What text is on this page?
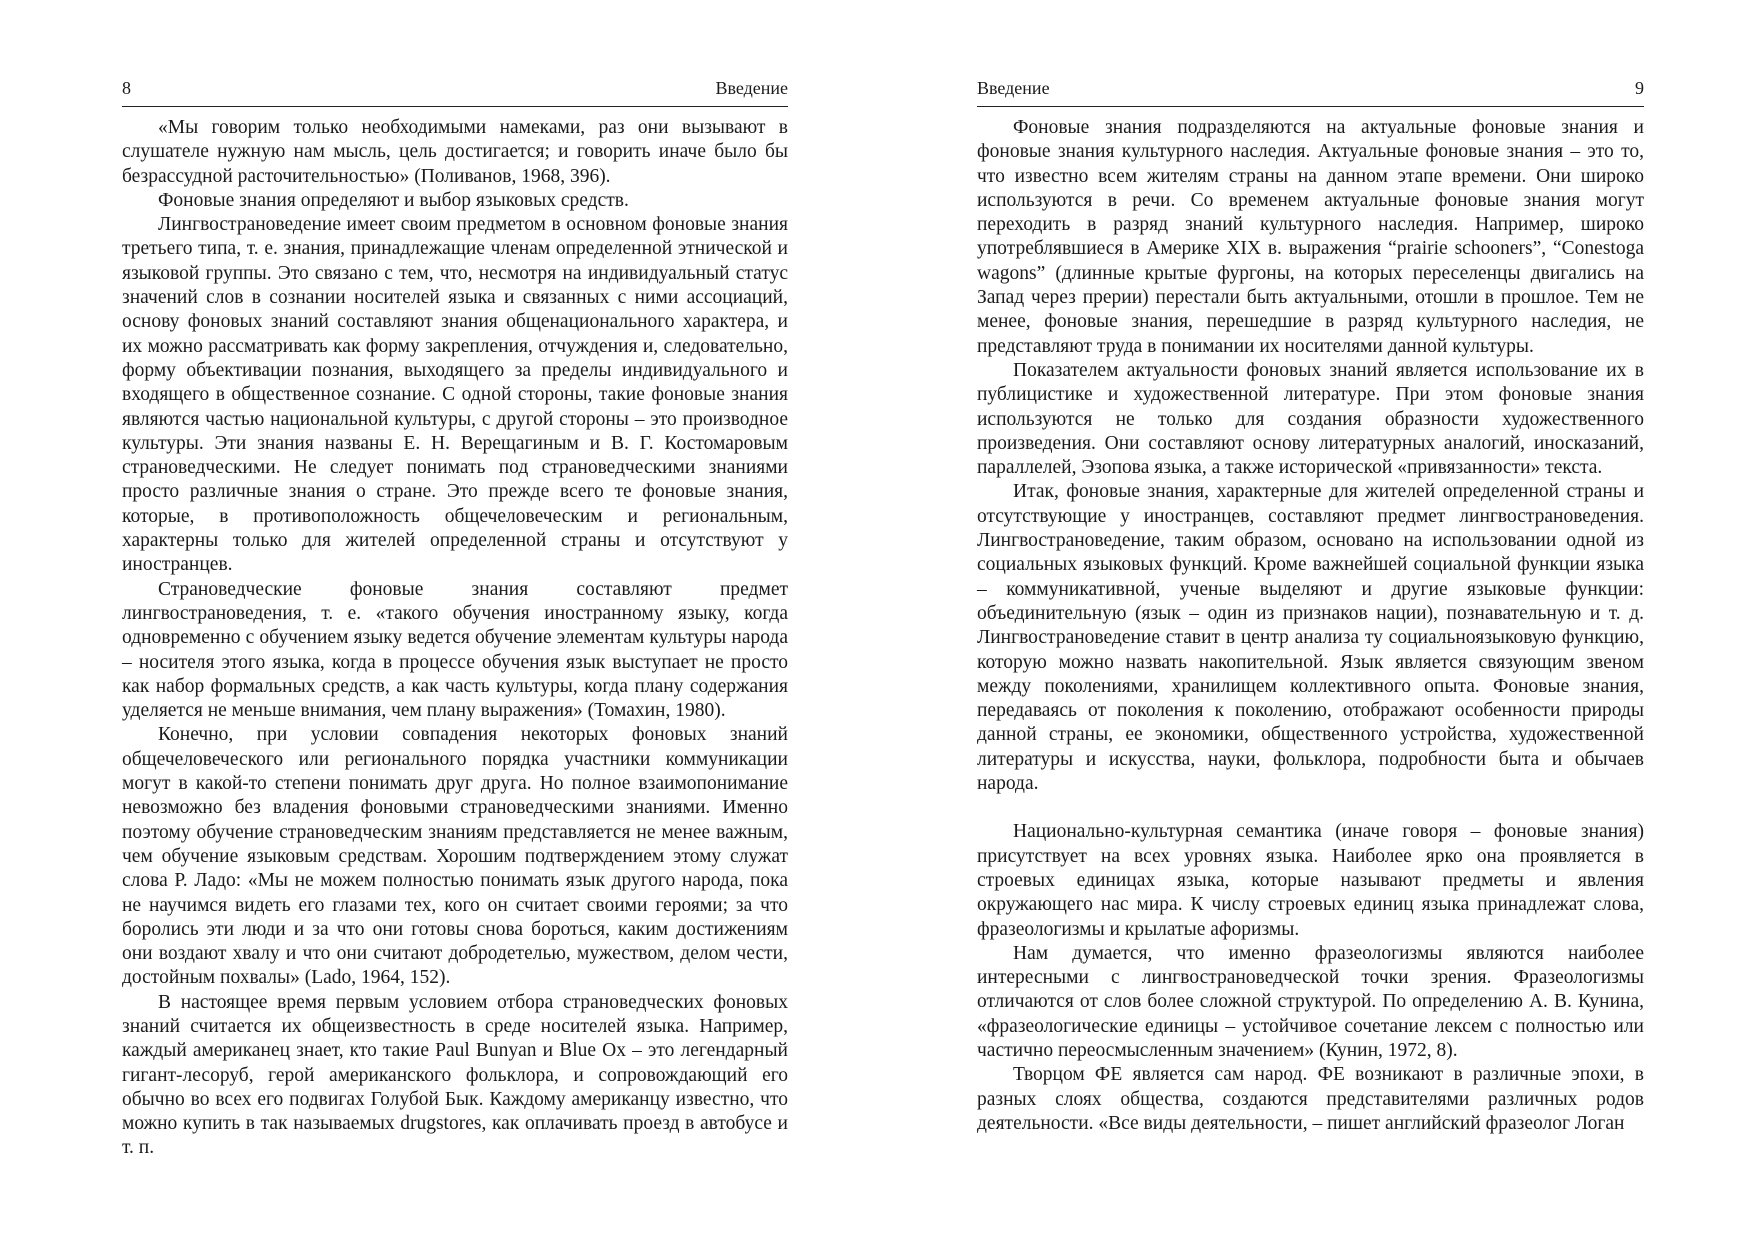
8	Введение

«Мы говорим только необходимыми намеками, раз они вызывают в слушателе нужную нам мысль, цель достигается; и говорить иначе было бы безрассудной расточительностью» (Поливанов, 1968, 396).

Фоновые знания определяют и выбор языковых средств.

Лингвострановедение имеет своим предметом в основном фоновые знания третьего типа, т. е. знания, принадлежащие членам определенной этнической и языковой группы. Это связано с тем, что, несмотря на индивидуальный статус значений слов в сознании носителей языка и связанных с ними ассоциаций, основу фоновых знаний составляют знания общенационального характера, и их можно рассматривать как форму закрепления, отчуждения и, следовательно, форму объективации познания, выходящего за пределы индивидуального и входящего в общественное сознание. С одной стороны, такие фоновые знания являются частью национальной культуры, с другой стороны – это производное культуры. Эти знания названы Е. Н. Верещагиным и В. Г. Костомаровым страноведческими. Не следует понимать под страноведческими знаниями просто различные знания о стране. Это прежде всего те фоновые знания, которые, в противоположность общечеловеческим и региональным, характерны только для жителей определенной страны и отсутствуют у иностранцев.

Страноведческие фоновые знания составляют предмет лингвострановедения, т. е. «такого обучения иностранному языку, когда одновременно с обучением языку ведется обучение элементам культуры народа – носителя этого языка, когда в процессе обучения язык выступает не просто как набор формальных средств, а как часть культуры, когда плану содержания уделяется не меньше внимания, чем плану выражения» (Томахин, 1980).

Конечно, при условии совпадения некоторых фоновых знаний общечеловеческого или регионального порядка участники коммуникации могут в какой-то степени понимать друг друга. Но полное взаимопонимание невозможно без владения фоновыми страноведческими знаниями. Именно поэтому обучение страноведческим знаниям представляется не менее важным, чем обучение языковым средствам. Хорошим подтверждением этому служат слова Р. Ладо: «Мы не можем полностью понимать язык другого народа, пока не научимся видеть его глазами тех, кого он считает своими героями; за что боролись эти люди и за что они готовы снова бороться, каким достижениям они воздают хвалу и что они считают добродетелью, мужеством, делом чести, достойным похвалы» (Lado, 1964, 152).

В настоящее время первым условием отбора страноведческих фоновых знаний считается их общеизвестность в среде носителей языка. Например, каждый американец знает, кто такие Paul Bunyan и Blue Ox – это легендарный гигант-лесоруб, герой американского фольклора, и сопровождающий его обычно во всех его подвигах Голубой Бык. Каждому американцу известно, что можно купить в так называемых drugstores, как оплачивать проезд в автобусе и т. п.

Введение	9

Фоновые знания подразделяются на актуальные фоновые знания и фоновые знания культурного наследия. Актуальные фоновые знания – это то, что известно всем жителям страны на данном этапе времени. Они широко используются в речи. Со временем актуальные фоновые знания могут переходить в разряд знаний культурного наследия. Например, широко употреблявшиеся в Америке XIX в. выражения “prairie schooners”, “Conestoga wagons” (длинные крытые фургоны, на которых переселенцы двигались на Запад через прерии) перестали быть актуальными, отошли в прошлое. Тем не менее, фоновые знания, перешедшие в разряд культурного наследия, не представляют труда в понимании их носителями данной культуры.

Показателем актуальности фоновых знаний является использование их в публицистике и художественной литературе. При этом фоновые знания используются не только для создания образности художественного произведения. Они составляют основу литературных аналогий, иносказаний, параллелей, Эзопова языка, а также исторической «привязанности» текста.

Итак, фоновые знания, характерные для жителей определенной страны и отсутствующие у иностранцев, составляют предмет лингвострановедения. Лингвострановедение, таким образом, основано на использовании одной из социальных языковых функций. Кроме важнейшей социальной функции языка – коммуникативной, ученые выделяют и другие языковые функции: объединительную (язык – один из признаков нации), познавательную и т. д. Лингвострановедение ставит в центр анализа ту социальноязыковую функцию, которую можно назвать накопительной. Язык является связующим звеном между поколениями, хранилищем коллективного опыта. Фоновые знания, передаваясь от поколения к поколению, отображают особенности природы данной страны, ее экономики, общественного устройства, художественной литературы и искусства, науки, фольклора, подробности быта и обычаев народа.

Национально-культурная семантика (иначе говоря – фоновые знания) присутствует на всех уровнях языка. Наиболее ярко она проявляется в строевых единицах языка, которые называют предметы и явления окружающего нас мира. К числу строевых единиц языка принадлежат слова, фразеологизмы и крылатые афоризмы.

Нам думается, что именно фразеологизмы являются наиболее интересными с лингвострановедческой точки зрения. Фразеологизмы отличаются от слов более сложной структурой. По определению А. В. Кунина, «фразеологические единицы – устойчивое сочетание лексем с полностью или частично переосмысленным значением» (Кунин, 1972, 8).

Творцом ФЕ является сам народ. ФЕ возникают в различные эпохи, в разных слоях общества, создаются представителями различных родов деятельности. «Все виды деятельности, – пишет английский фразеолог Логан
